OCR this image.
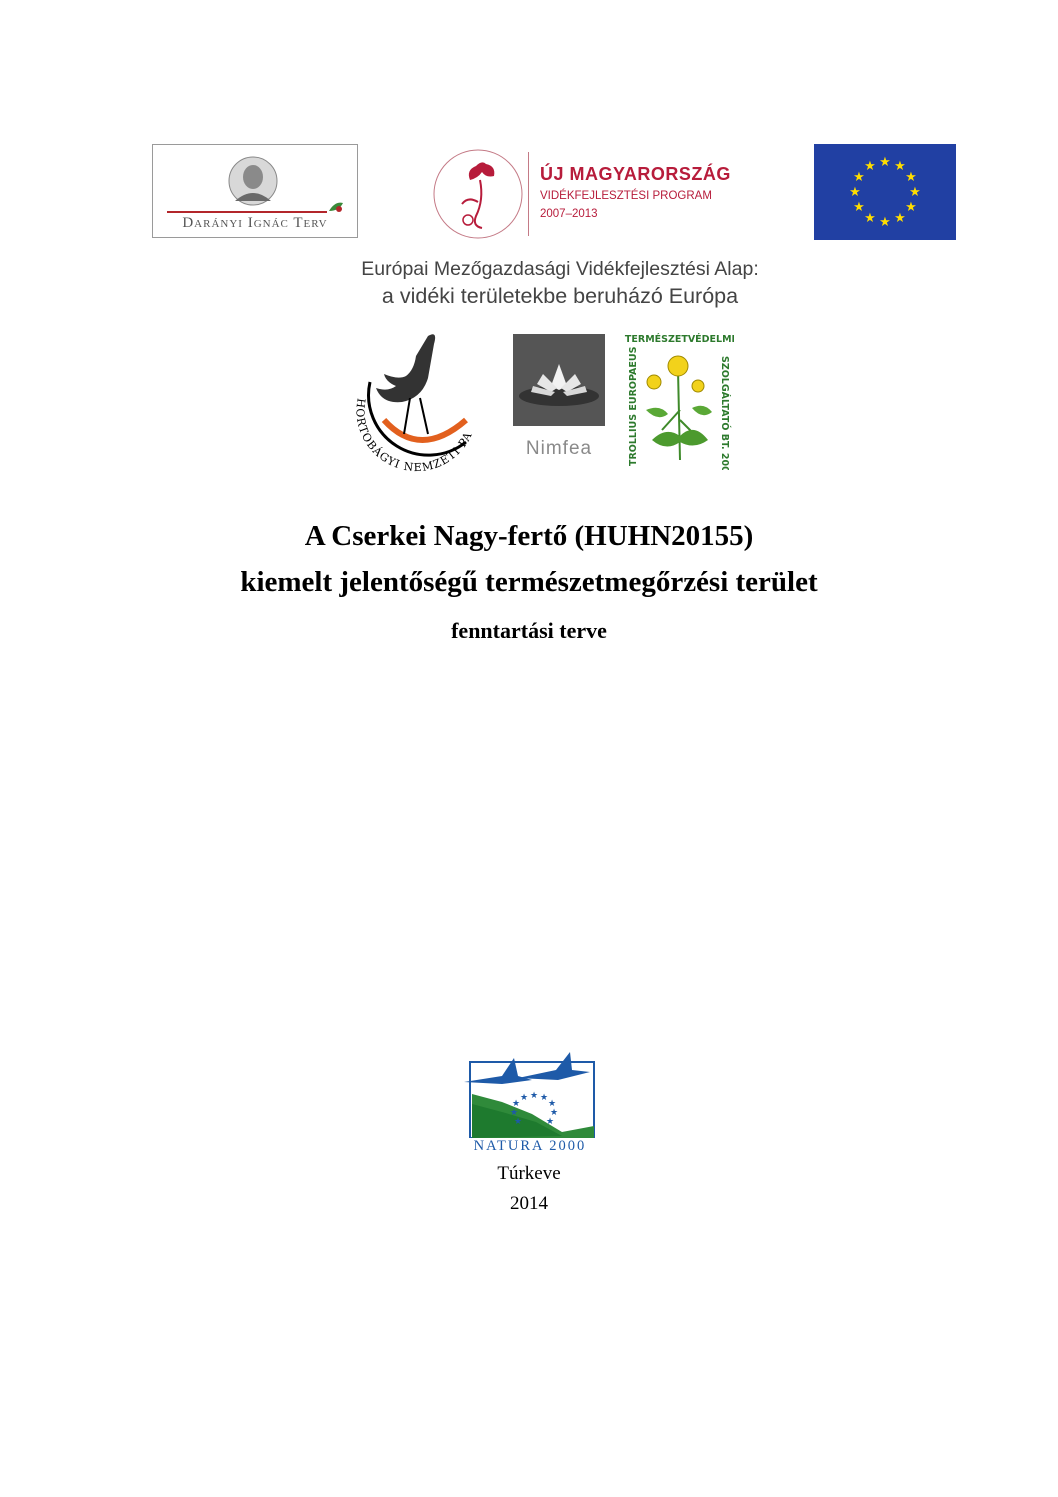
Darányi Ignác Terv
ÚJ MAGYARORSZÁG
VIDÉKFEJLESZTÉSI PROGRAM
2007–2013
★ ★
★
★
★
★
★
★
★
★
★
★
Európai Mezőgazdasági Vidékfejlesztési Alap:
a vidéki területekbe beruházó Európa
HORTOBÁGYI NEMZETI PA
Nimfea
TERMÉSZETVÉDELMI
TROLLIUS EUROPAEUS	SZOLGÁLTATÓ BT. 2004
A Cserkei Nagy-fertő (HUHN20155)
kiemelt jelentőségű természetmegőrzési terület
fenntartási terve
★ ★
★
★
★
★
★
★
★
NATURA 2000
Túrkeve
2014
